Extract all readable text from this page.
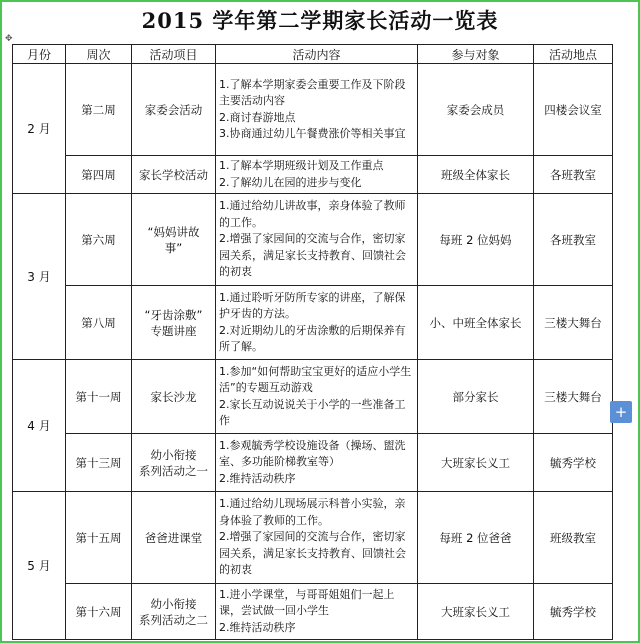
2015 学年第二学期家长活动一览表
✥
月份	周次	活动项目	活动内容	参与对象	活动地点
2 月	第二周	家委会活动	1.了解本学期家委会重要工作及下阶段主要活动内容
2.商讨春游地点
3.协商通过幼儿午餐费涨价等相关事宜	家委会成员	四楼会议室
	第四周	家长学校活动	1.了解本学期班级计划及工作重点
2.了解幼儿在园的进步与变化	班级全体家长	各班教室
3 月	第六周	“妈妈讲故
事”	1.通过给幼儿讲故事，亲身体验了教师的工作。
2.增强了家园间的交流与合作，密切家园关系，满足家长支持教育、回馈社会的初衷	每班 2 位妈妈	各班教室
	第八周	“牙齿涂敷”
专题讲座	1.通过聆听牙防所专家的讲座，了解保护牙齿的方法。
2.对近期幼儿的牙齿涂敷的后期保养有所了解。	小、中班全体家长	三楼大舞台
4 月	第十一周	家长沙龙	1.参加“如何帮助宝宝更好的适应小学生活”的专题互动游戏
2.家长互动说说关于小学的一些准备工作	部分家长	三楼大舞台
	第十三周	幼小衔接
系列活动之一	1.参观毓秀学校设施设备（操场、盥洗室、多功能阶梯教室等）
2.维持活动秩序	大班家长义工	毓秀学校
5 月	第十五周	爸爸进课堂	1.通过给幼儿现场展示科普小实验，亲身体验了教师的工作。
2.增强了家园间的交流与合作，密切家园关系，满足家长支持教育、回馈社会的初衷	每班 2 位爸爸	班级教室
	第十六周	幼小衔接
系列活动之二	1.进小学课堂，与哥哥姐姐们一起上课，尝试做一回小学生
2.维持活动秩序	大班家长义工	毓秀学校
+
